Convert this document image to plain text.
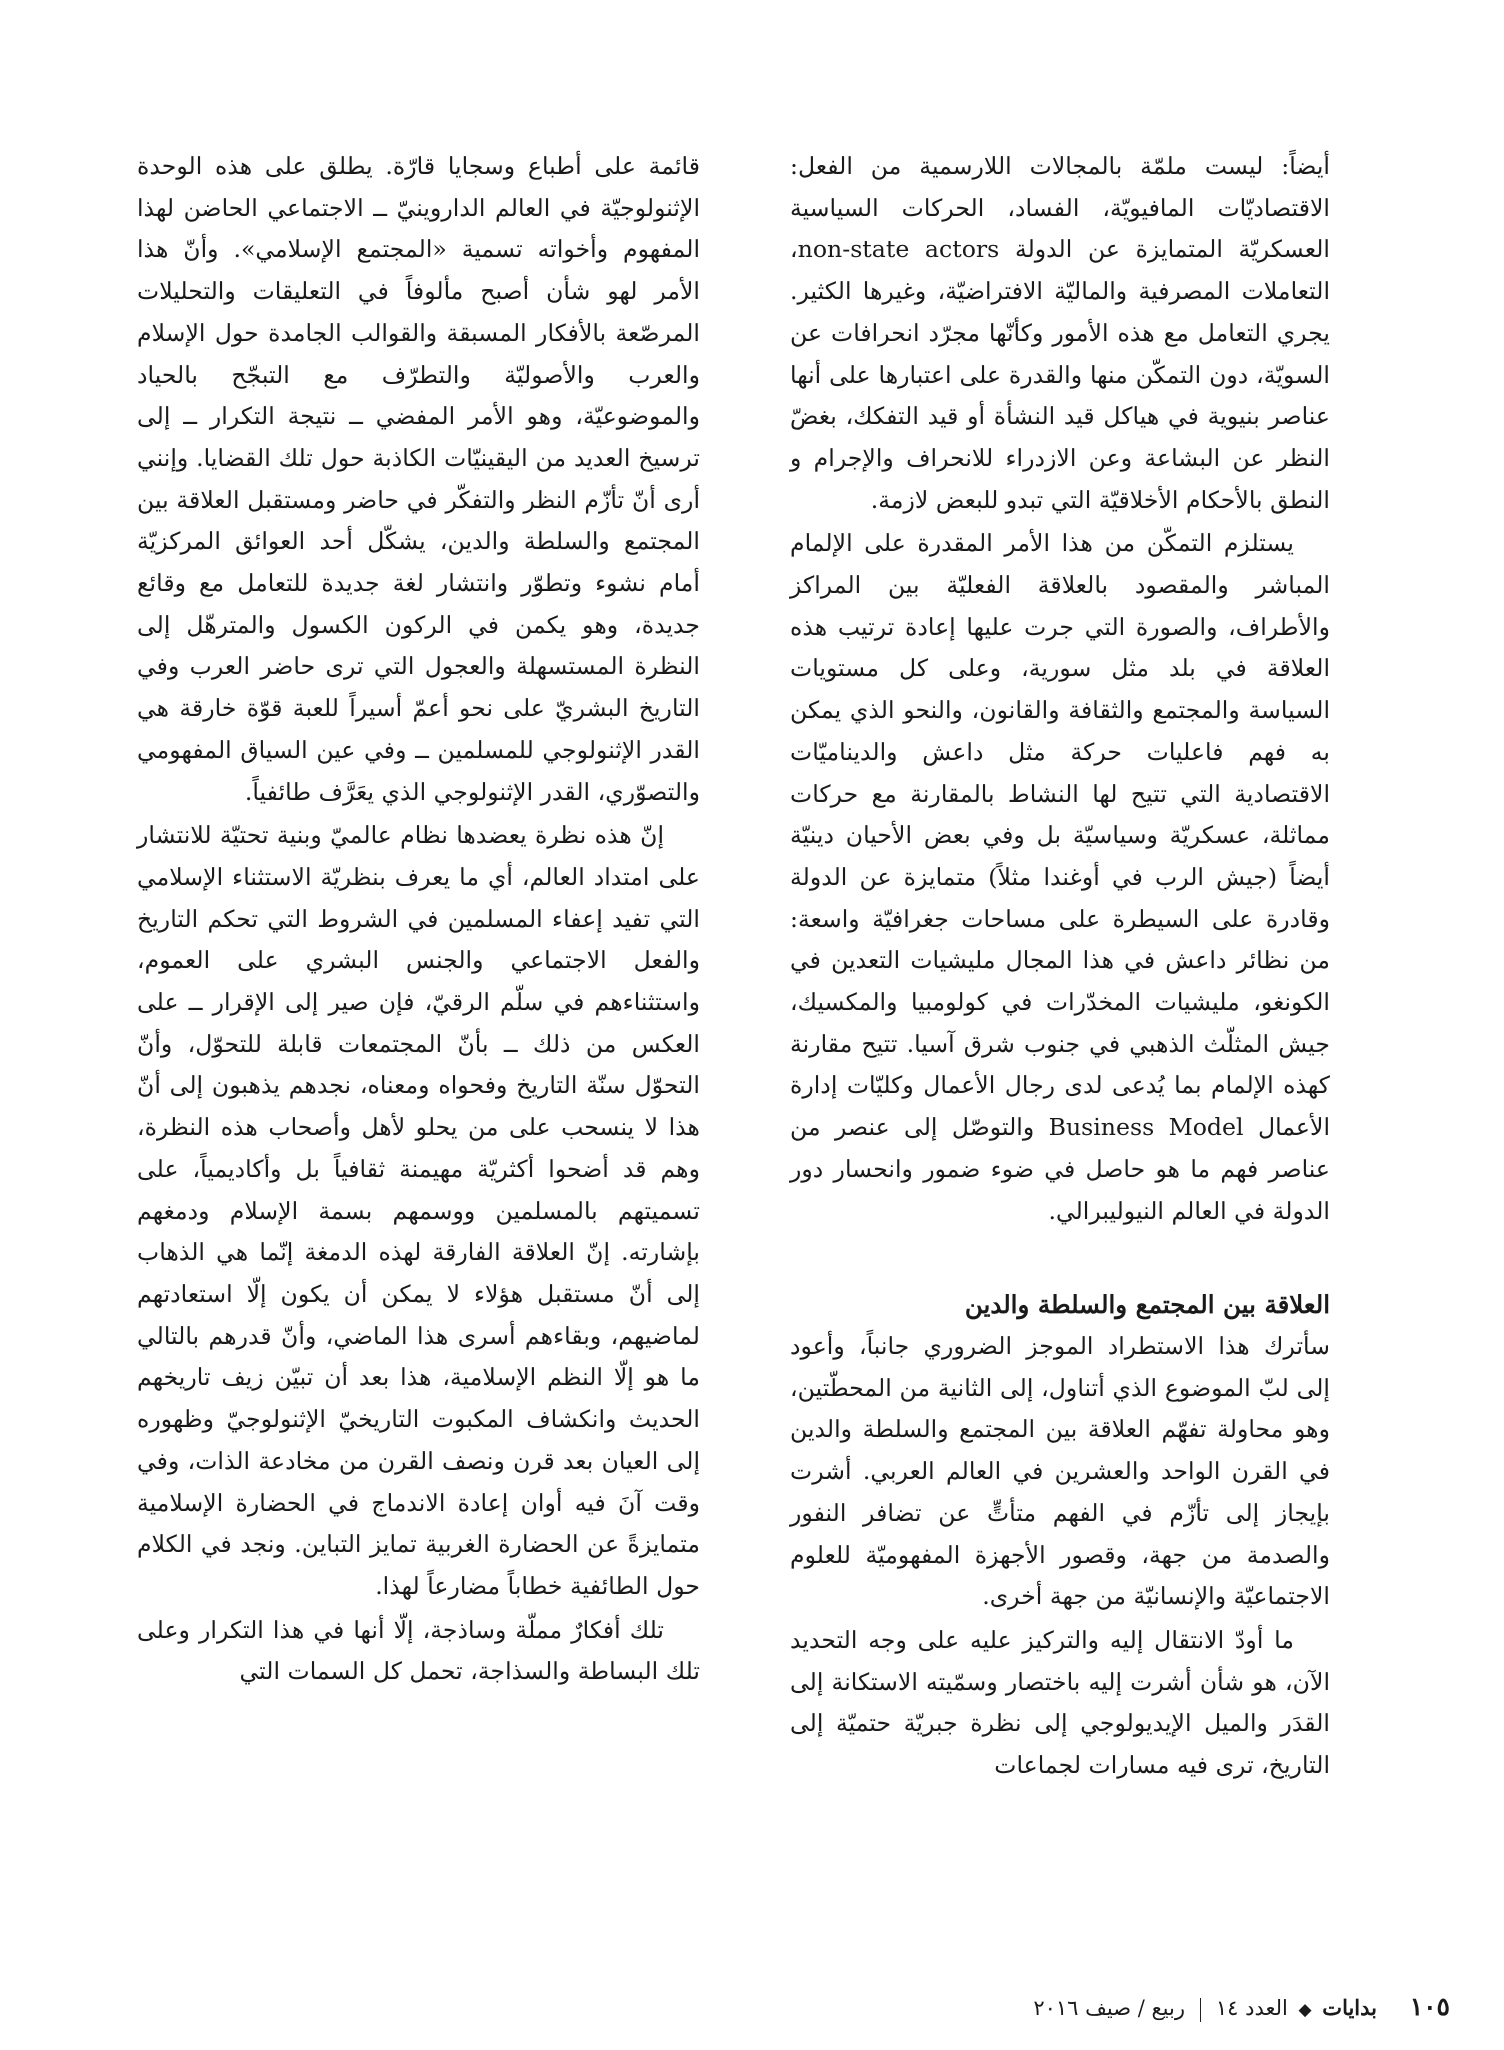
أيضاً: ليست ملمّة بالمجالات اللارسمية من الفعل: الاقتصاديّات المافيويّة، الفساد، الحركات السياسية العسكريّة المتمايزة عن الدولة non-state actors، التعاملات المصرفية والماليّة الافتراضيّة، وغيرها الكثير. يجري التعامل مع هذه الأمور وكأنّها مجرّد انحرافات عن السويّة، دون التمكّن منها والقدرة على اعتبارها على أنها عناصر بنيوية في هياكل قيد النشأة أو قيد التفكك، بغضّ النظر عن البشاعة وعن الازدراء للانحراف والإجرام و النطق بالأحكام الأخلاقيّة التي تبدو للبعض لازمة.

يستلزم التمكّن من هذا الأمر المقدرة على الإلمام المباشر والمقصود بالعلاقة الفعليّة بين المراكز والأطراف، والصورة التي جرت عليها إعادة ترتيب هذه العلاقة في بلد مثل سورية، وعلى كل مستويات السياسة والمجتمع والثقافة والقانون، والنحو الذي يمكن به فهم فاعليات حركة مثل داعش والديناميّات الاقتصادية التي تتيح لها النشاط بالمقارنة مع حركات مماثلة، عسكريّة وسياسيّة بل وفي بعض الأحيان دينيّة أيضاً (جيش الرب في أوغندا مثلاً) متمايزة عن الدولة وقادرة على السيطرة على مساحات جغرافيّة واسعة: من نظائر داعش في هذا المجال مليشيات التعدين في الكونغو، مليشيات المخدّرات في كولومبيا والمكسيك، جيش المثلّث الذهبي في جنوب شرق آسيا. تتيح مقارنة كهذه الإلمام بما يُدعى لدى رجال الأعمال وكليّات إدارة الأعمال Business Model والتوصّل إلى عنصر من عناصر فهم ما هو حاصل في ضوء ضمور وانحسار دور الدولة في العالم النيوليبرالي.

العلاقة بين المجتمع والسلطة والدين

سأترك هذا الاستطراد الموجز الضروري جانباً، وأعود إلى لبّ الموضوع الذي أتناول، إلى الثانية من المحطّتين، وهو محاولة تفهّم العلاقة بين المجتمع والسلطة والدين في القرن الواحد والعشرين في العالم العربي. أشرت بإيجاز إلى تأزّم في الفهم متأتٍّ عن تضافر النفور والصدمة من جهة، وقصور الأجهزة المفهوميّة للعلوم الاجتماعيّة والإنسانيّة من جهة أخرى.

ما أودّ الانتقال إليه والتركيز عليه على وجه التحديد الآن، هو شأن أشرت إليه باختصار وسمّيته الاستكانة إلى القدَر والميل الإيديولوجي إلى نظرة جبريّة حتميّة إلى التاريخ، ترى فيه مسارات لجماعات

قائمة على أطباع وسجايا قارّة. يطلق على هذه الوحدة الإثنولوجيّة في العالم الداروينيّ ــ الاجتماعي الحاضن لهذا المفهوم وأخواته تسمية «المجتمع الإسلامي». وأنّ هذا الأمر لهو شأن أصبح مألوفاً في التعليقات والتحليلات المرصّعة بالأفكار المسبقة والقوالب الجامدة حول الإسلام والعرب والأصوليّة والتطرّف مع التبجّح بالحياد والموضوعيّة، وهو الأمر المفضي ــ نتيجة التكرار ــ إلى ترسيخ العديد من اليقينيّات الكاذبة حول تلك القضايا. وإنني أرى أنّ تأزّم النظر والتفكّر في حاضر ومستقبل العلاقة بين المجتمع والسلطة والدين، يشكّل أحد العوائق المركزيّة أمام نشوء وتطوّر وانتشار لغة جديدة للتعامل مع وقائع جديدة، وهو يكمن في الركون الكسول والمترهّل إلى النظرة المستسهلة والعجول التي ترى حاضر العرب وفي التاريخ البشريّ على نحو أعمّ أسيراً للعبة قوّة خارقة هي القدر الإثنولوجي للمسلمين ــ وفي عين السياق المفهومي والتصوّري، القدر الإثنولوجي الذي يعَرَّف طائفياً.

إنّ هذه نظرة يعضدها نظام عالميّ وبنية تحتيّة للانتشار على امتداد العالم، أي ما يعرف بنظريّة الاستثناء الإسلامي التي تفيد إعفاء المسلمين في الشروط التي تحكم التاريخ والفعل الاجتماعي والجنس البشري على العموم، واستثناءهم في سلّم الرقيّ، فإن صير إلى الإقرار ــ على العكس من ذلك ــ بأنّ المجتمعات قابلة للتحوّل، وأنّ التحوّل سنّة التاريخ وفحواه ومعناه، نجدهم يذهبون إلى أنّ هذا لا ينسحب على من يحلو لأهل وأصحاب هذه النظرة، وهم قد أضحوا أكثريّة مهيمنة ثقافياً بل وأكاديمياً، على تسميتهم بالمسلمين ووسمهم بسمة الإسلام ودمغهم بإشارته. إنّ العلاقة الفارقة لهذه الدمغة إنّما هي الذهاب إلى أنّ مستقبل هؤلاء لا يمكن أن يكون إلّا استعادتهم لماضيهم، وبقاءهم أسرى هذا الماضي، وأنّ قدرهم بالتالي ما هو إلّا النظم الإسلامية، هذا بعد أن تبيّن زيف تاريخهم الحديث وانكشاف المكبوت التاريخيّ الإثنولوجيّ وظهوره إلى العيان بعد قرن ونصف القرن من مخادعة الذات، وفي وقت آنَ فيه أوان إعادة الاندماج في الحضارة الإسلامية متمايزةً عن الحضارة الغربية تمايز التباين. ونجد في الكلام حول الطائفية خطاباً مضارعاً لهذا.

تلك أفكارٌ مملّة وساذجة، إلّا أنها في هذا التكرار وعلى تلك البساطة والسذاجة، تحمل كل السمات التي

١٠٥ بدايات ◆ العدد ١٤  ربيع / صيف ٢٠١٦
